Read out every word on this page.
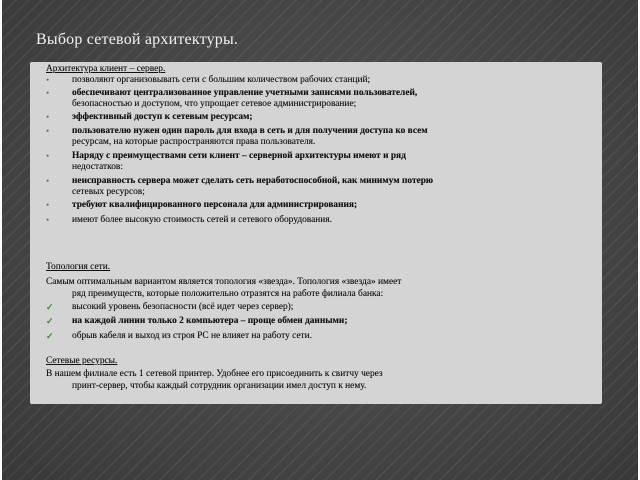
Выбор сетевой архитектуры.
Архитектура клиент – сервер.
• позволяют организовывать сети с большим количеством рабочих станций;
• обеспечивают централизованное управление учетными записями пользователей,
безопасностью и доступом, что упрощает сетевое администрирование;
• эффективный доступ к сетевым ресурсам;
• пользователю нужен один пароль для входа в сеть и для получения доступа ко всем
ресурсам, на которые распространяются права пользователя.
• Наряду с преимуществами сети клиент – серверной архитектуры имеют и ряд
недостатков:
• неисправность сервера может сделать сеть неработоспособной, как минимум потерю
сетевых ресурсов;
• требуют квалифицированного персонала для администрирования;
• имеют более высокую стоимость сетей и сетевого оборудования.
Топология сети.
Самым оптимальным вариантом является топология «звезда». Топология «звезда» имеет
ряд преимуществ, которые положительно отразятся на работе филиала банка:
✓ высокий уровень безопасности (всё идет через сервер);
✓ на каждой линии только 2 компьютера – проще обмен данными;
✓ обрыв кабеля и выход из строя PC не влияет на работу сети.
Сетевые ресурсы.
В нашем филиале есть 1 сетевой принтер. Удобнее его присоединить к свитчу через
принт-сервер, чтобы каждый сотрудник организации имел доступ к нему.
